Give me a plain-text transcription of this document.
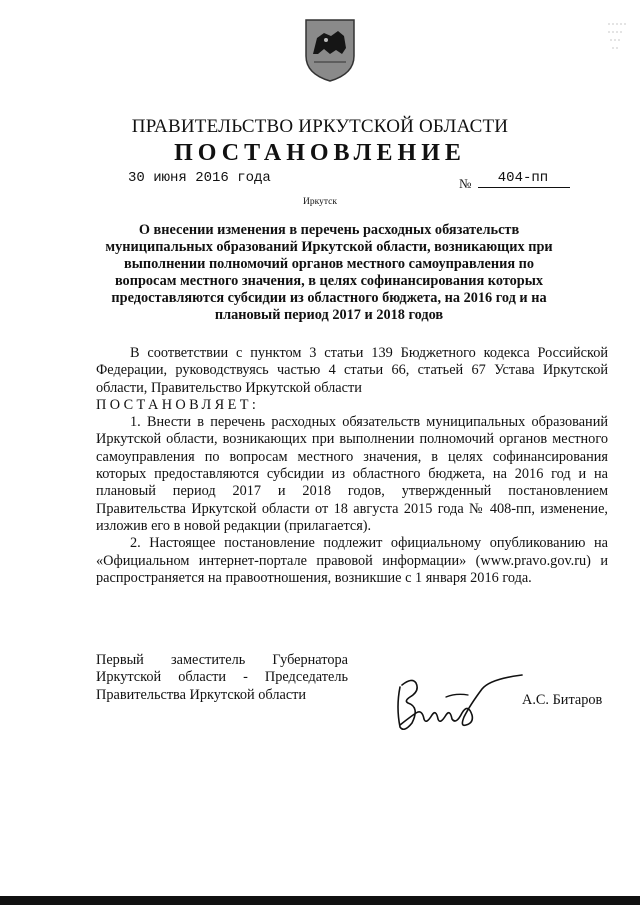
ПРАВИТЕЛЬСТВО ИРКУТСКОЙ ОБЛАСТИ
ПОСТАНОВЛЕНИЕ
30 июня 2016 года	№	404-пп
Иркутск
О внесении изменения в перечень расходных обязательств муниципальных образований Иркутской области, возникающих при выполнении полномочий органов местного самоуправления по вопросам местного значения, в целях софинансирования которых предоставляются субсидии из областного бюджета, на 2016 год и на плановый период 2017 и 2018 годов

В соответствии с пунктом 3 статьи 139 Бюджетного кодекса Российской Федерации, руководствуясь частью 4 статьи 66, статьей 67 Устава Иркутской области, Правительство Иркутской области

ПОСТАНОВЛЯЕТ:

1. Внести в перечень расходных обязательств муниципальных образований Иркутской области, возникающих при выполнении полномочий органов местного самоуправления по вопросам местного значения, в целях софинансирования которых предоставляются субсидии из областного бюджета, на 2016 год и на плановый период 2017 и 2018 годов, утвержденный постановлением Правительства Иркутской области от 18 августа 2015 года № 408-пп, изменение, изложив его в новой редакции (прилагается).

2. Настоящее постановление подлежит официальному опубликованию на «Официальном интернет-портале правовой информации» (www.pravo.gov.ru) и распространяется на правоотношения, возникшие с 1 января 2016 года.

Первый заместитель Губернатора
Иркутской области - Председатель
Правительства Иркутской области	А.С. Битаров
